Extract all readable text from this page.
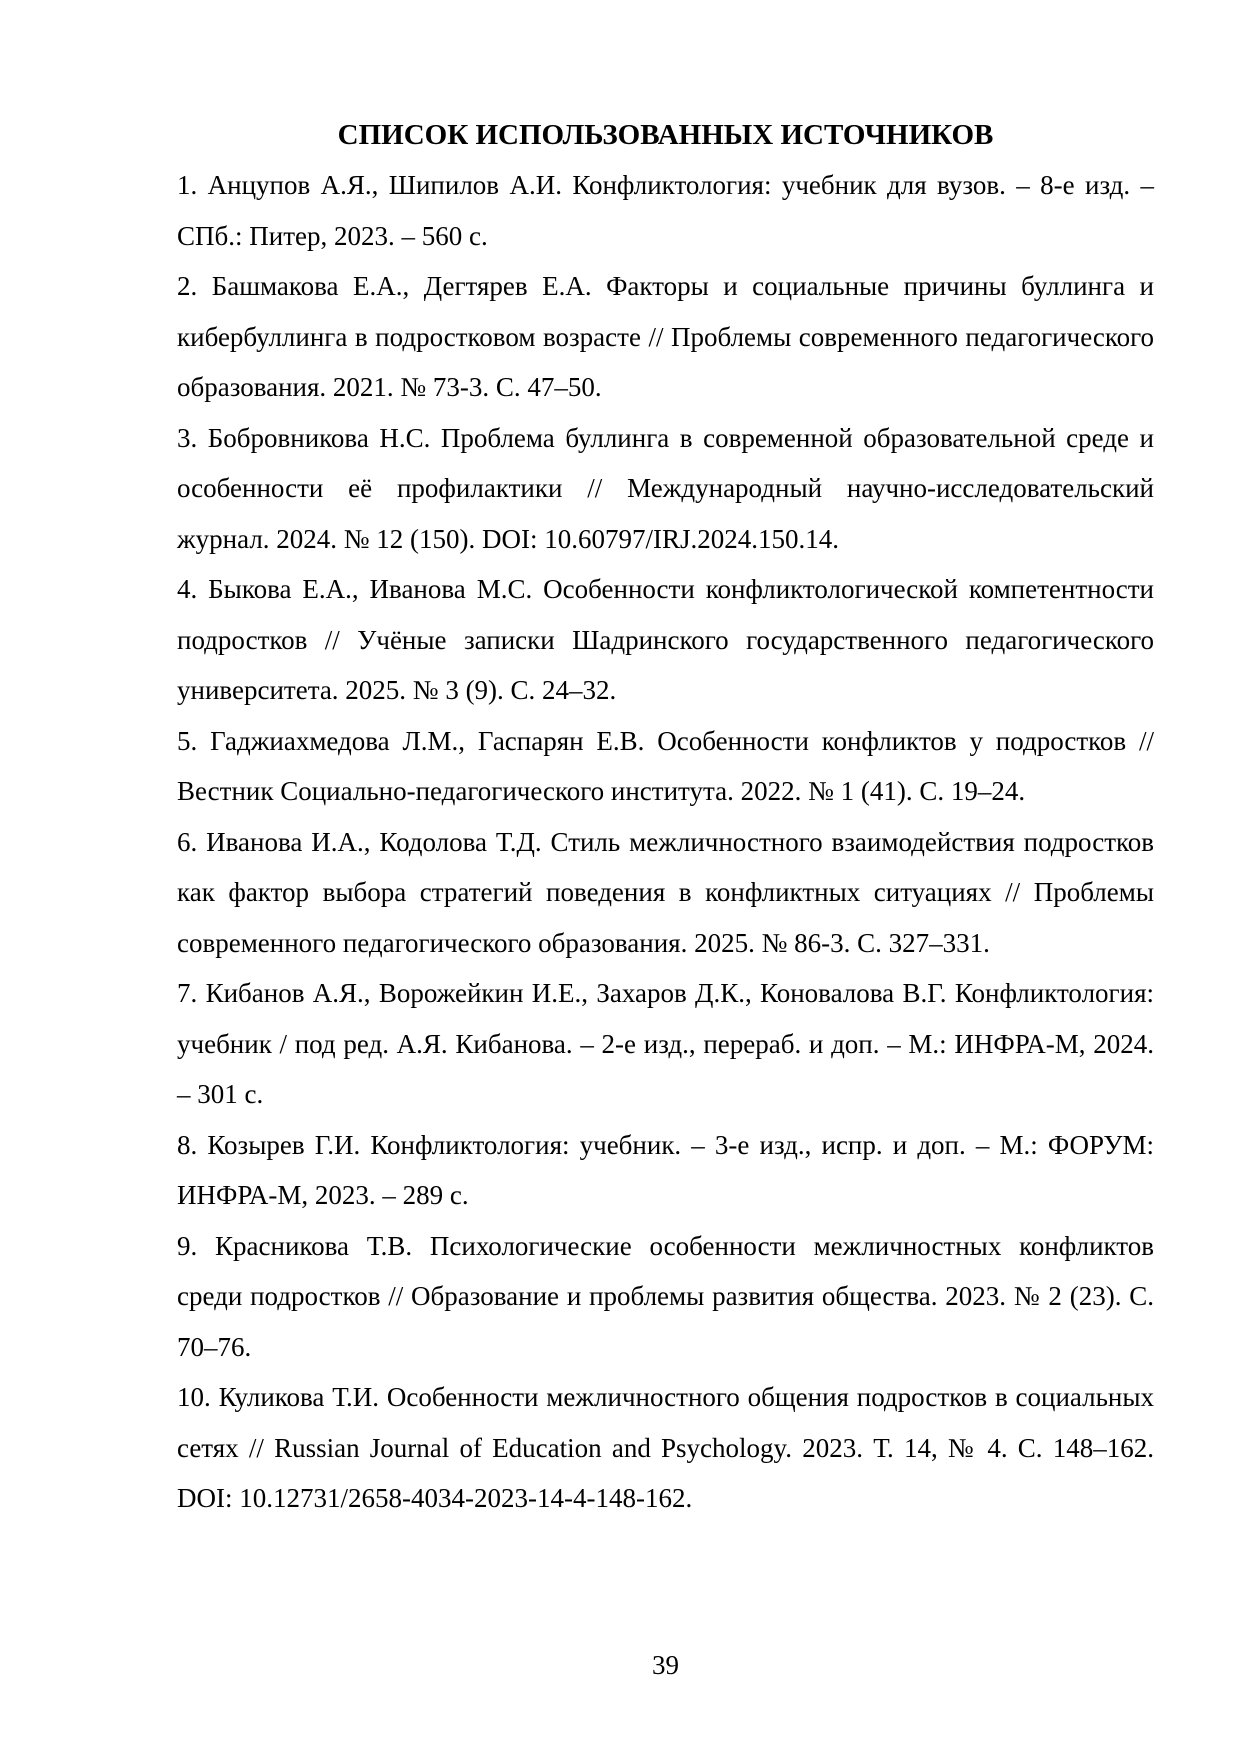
СПИСОК ИСПОЛЬЗОВАННЫХ ИСТОЧНИКОВ
1. Анцупов А.Я., Шипилов А.И. Конфликтология: учебник для вузов. – 8-е изд. – СПб.: Питер, 2023. – 560 с.
2. Башмакова Е.А., Дегтярев Е.А. Факторы и социальные причины буллинга и кибербуллинга в подростковом возрасте // Проблемы современного педагогического образования. 2021. № 73-3. С. 47–50.
3. Бобровникова Н.С. Проблема буллинга в современной образовательной среде и особенности её профилактики // Международный научно-исследовательский журнал. 2024. № 12 (150). DOI: 10.60797/IRJ.2024.150.14.
4. Быкова Е.А., Иванова М.С. Особенности конфликтологической компетентности подростков // Учёные записки Шадринского государственного педагогического университета. 2025. № 3 (9). С. 24–32.
5. Гаджиахмедова Л.М., Гаспарян Е.В. Особенности конфликтов у подростков // Вестник Социально-педагогического института. 2022. № 1 (41). С. 19–24.
6. Иванова И.А., Кодолова Т.Д. Стиль межличностного взаимодействия подростков как фактор выбора стратегий поведения в конфликтных ситуациях // Проблемы современного педагогического образования. 2025. № 86-3. С. 327–331.
7. Кибанов А.Я., Ворожейкин И.Е., Захаров Д.К., Коновалова В.Г. Конфликтология: учебник / под ред. А.Я. Кибанова. – 2-е изд., перераб. и доп. – М.: ИНФРА-М, 2024. – 301 с.
8. Козырев Г.И. Конфликтология: учебник. – 3-е изд., испр. и доп. – М.: ФОРУМ: ИНФРА-М, 2023. – 289 с.
9. Красникова Т.В. Психологические особенности межличностных конфликтов среди подростков // Образование и проблемы развития общества. 2023. № 2 (23). С. 70–76.
10. Куликова Т.И. Особенности межличностного общения подростков в социальных сетях // Russian Journal of Education and Psychology. 2023. Т. 14, № 4. С. 148–162. DOI: 10.12731/2658-4034-2023-14-4-148-162.
39
